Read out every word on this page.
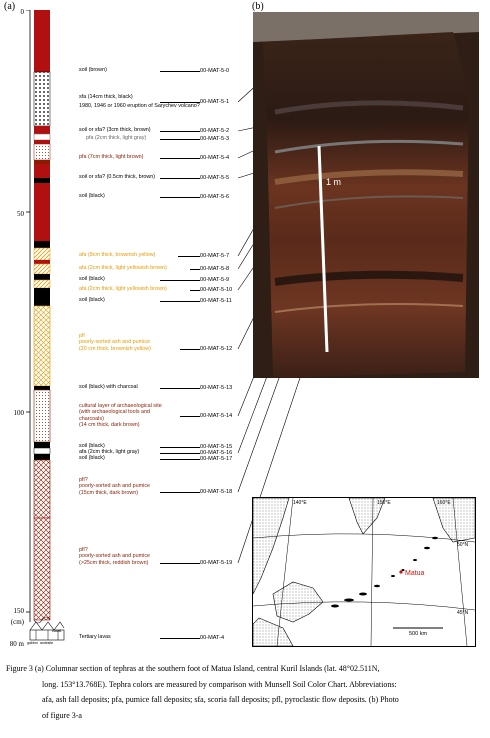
(a)	(b)
0
50
100
150
(cm)
80 m gabbro andesite
basalt
soil (brown)
sfa (14cm thick, black)
1980, 1946 or 1960 eruption of Sarychev volcano?
soil or sfa? (3cm thick, brown)
pfa (2cm thick, light gray)
pfa (7cm thick, light brown)
soil or sfa? (0.5cm thick, brown)
soil (black)
afa (8cm thick, brownish yellow)
afa (2cm thick, light yellowish brown)
soil (black)
afa (2cm thick, light yellowish brown)
soil (black)
pfl
poorly-sorted ash and pumice
(20 cm thick, brownish yellow)
soil (black) with charcoal
cultural layer of archaeological site
(with archaeological tools and
charcoals)
(14 cm thick, dark brown)
soil (black)
afa (2cm thick, light gray)
soil (black)
pfl?
poorly-sorted ash and pumice
(15cm thick, dark brown)
pfl?
poorly-sorted ash and pumice
(>25cm thick, reddish brown)
Tertiary lavas
00-MAT-5-0
00-MAT-5-1
00-MAT-5-2
00-MAT-5-3
00-MAT-5-4
00-MAT-5-5
00-MAT-5-6
00-MAT-5-7
00-MAT-5-8
00-MAT-5-9
00-MAT-5-10
00-MAT-5-11
00-MAT-5-12
00-MAT-5-13
00-MAT-5-14
00-MAT-5-15
00-MAT-5-16
00-MAT-5-17
00-MAT-5-18
00-MAT-5-19
00-MAT-4
1 m
140°E	150°E	160°E
50°N
45°N
Matua
500 km
Figure 3 (a) Columnar section of tephras at the southern foot of Matua Island, central Kuril Islands (lat. 48°02.511N,
long. 153°13.768E). Tephra colors are measured by comparison with Munsell Soil Color Chart. Abbreviations:
afa, ash fall deposits; pfa, pumice fall deposits; sfa, scoria fall deposits; pfl, pyroclastic flow deposits. (b) Photo
of figure 3-a
